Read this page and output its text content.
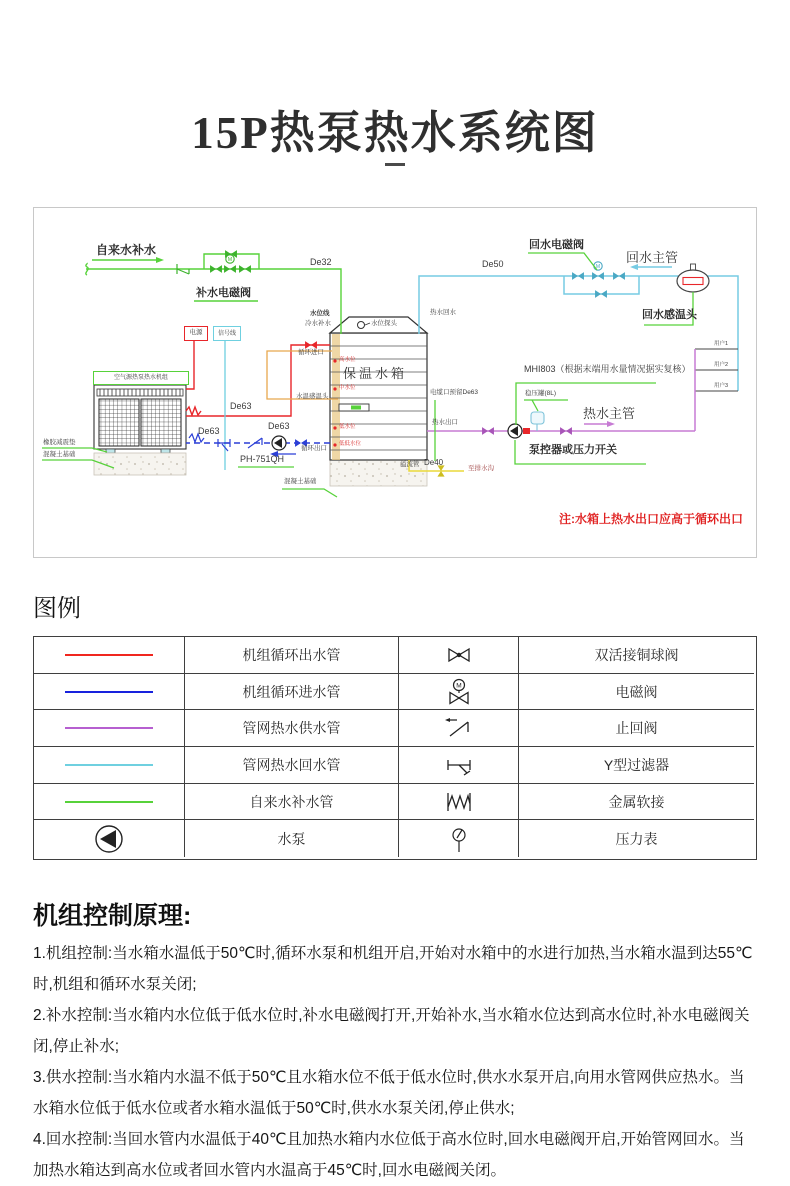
15P热泵热水系统图
M
M
自来水补水
补水电磁阀
De32
电源	信号线
空气源热泵热水机组
橡胶减震垫
混凝土基础
De63
De63	De63
PH-751QH
混凝土基础
水位线
冷水补水
循环进口
水位探头
保温水箱
热水回水
水温感温头
电缆口预留De63
热水出口
高水位
中水位
低水位
低低水位
循环出口
溢流管 De40
至排水沟
De50
回水电磁阀
回水主管
回水感温头
MHI803（根据末端用水量情况据实复核）
稳压罐(8L)
热水主管
泵控器或压力开关
用户1
用户2
用户3
注:水箱上热水出口应高于循环出口
图例
机组循环出水管	双活接铜球阀
机组循环进水管	M	电磁阀
管网热水供水管	止回阀
管网热水回水管	Y型过滤器
自来水补水管	金属软接
水泵	压力表
机组控制原理:

1.机组控制:当水箱水温低于50℃时,循环水泵和机组开启,开始对水箱中的水进行加热,当水箱水温到达55℃时,机组和循环水泵关闭;

2.补水控制:当水箱内水位低于低水位时,补水电磁阀打开,开始补水,当水箱水位达到高水位时,补水电磁阀关闭,停止补水;

3.供水控制:当水箱内水温不低于50℃且水箱水位不低于低水位时,供水水泵开启,向用水管网供应热水。当水箱水位低于低水位或者水箱水温低于50℃时,供水水泵关闭,停止供水;

4.回水控制:当回水管内水温低于40℃且加热水箱内水位低于高水位时,回水电磁阀开启,开始管网回水。当加热水箱达到高水位或者回水管内水温高于45℃时,回水电磁阀关闭。
